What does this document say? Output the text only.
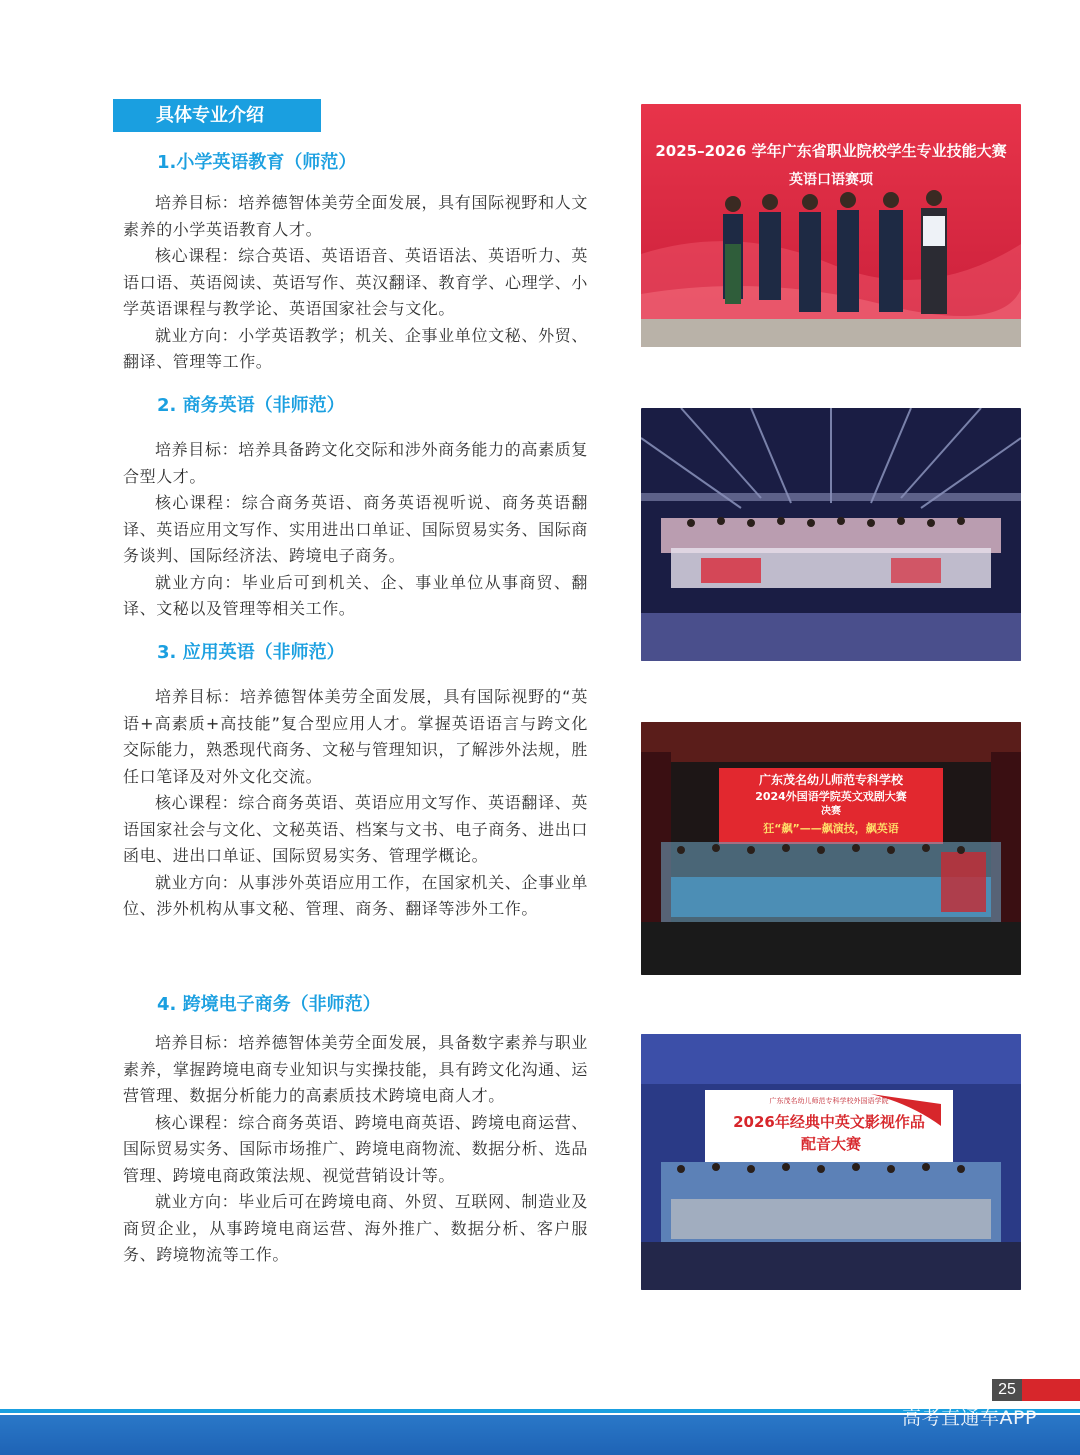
具体专业介绍
1.小学英语教育（师范）

培养目标：培养德智体美劳全面发展，具有国际视野和人文素养的小学英语教育人才。

核心课程：综合英语、英语语音、英语语法、英语听力、英语口语、英语阅读、英语写作、英汉翻译、教育学、心理学、小学英语课程与教学论、英语国家社会与文化。

就业方向：小学英语教学；机关、企事业单位文秘、外贸、翻译、管理等工作。

2. 商务英语（非师范）

培养目标：培养具备跨文化交际和涉外商务能力的高素质复合型人才。

核心课程：综合商务英语、商务英语视听说、商务英语翻译、英语应用文写作、实用进出口单证、国际贸易实务、国际商务谈判、国际经济法、跨境电子商务。

就业方向：毕业后可到机关、企、事业单位从事商贸、翻译、文秘以及管理等相关工作。

3. 应用英语（非师范）

培养目标：培养德智体美劳全面发展，具有国际视野的“英语+高素质+高技能”复合型应用人才。掌握英语语言与跨文化交际能力，熟悉现代商务、文秘与管理知识，了解涉外法规，胜任口笔译及对外文化交流。

核心课程：综合商务英语、英语应用文写作、英语翻译、英语国家社会与文化、文秘英语、档案与文书、电子商务、进出口函电、进出口单证、国际贸易实务、管理学概论。

就业方向：从事涉外英语应用工作，在国家机关、企事业单位、涉外机构从事文秘、管理、商务、翻译等涉外工作。

4. 跨境电子商务（非师范）

培养目标：培养德智体美劳全面发展，具备数字素养与职业素养，掌握跨境电商专业知识与实操技能，具有跨文化沟通、运营管理、数据分析能力的高素质技术跨境电商人才。

核心课程：综合商务英语、跨境电商英语、跨境电商运营、国际贸易实务、国际市场推广、跨境电商物流、数据分析、选品管理、跨境电商政策法规、视觉营销设计等。

就业方向：毕业后可在跨境电商、外贸、互联网、制造业及商贸企业，从事跨境电商运营、海外推广、数据分析、客户服务、跨境物流等工作。

2025–2026 学年广东省职业院校学生专业技能大赛
英语口语赛项
广东茂名幼儿师范专科学校
2024外国语学院英文戏剧大赛
决赛
狂“飙”——飙演技，飙英语
广东茂名幼儿师范专科学校外国语学院
2026年经典中英文影视作品
配音大赛
25
高考直通车APP
